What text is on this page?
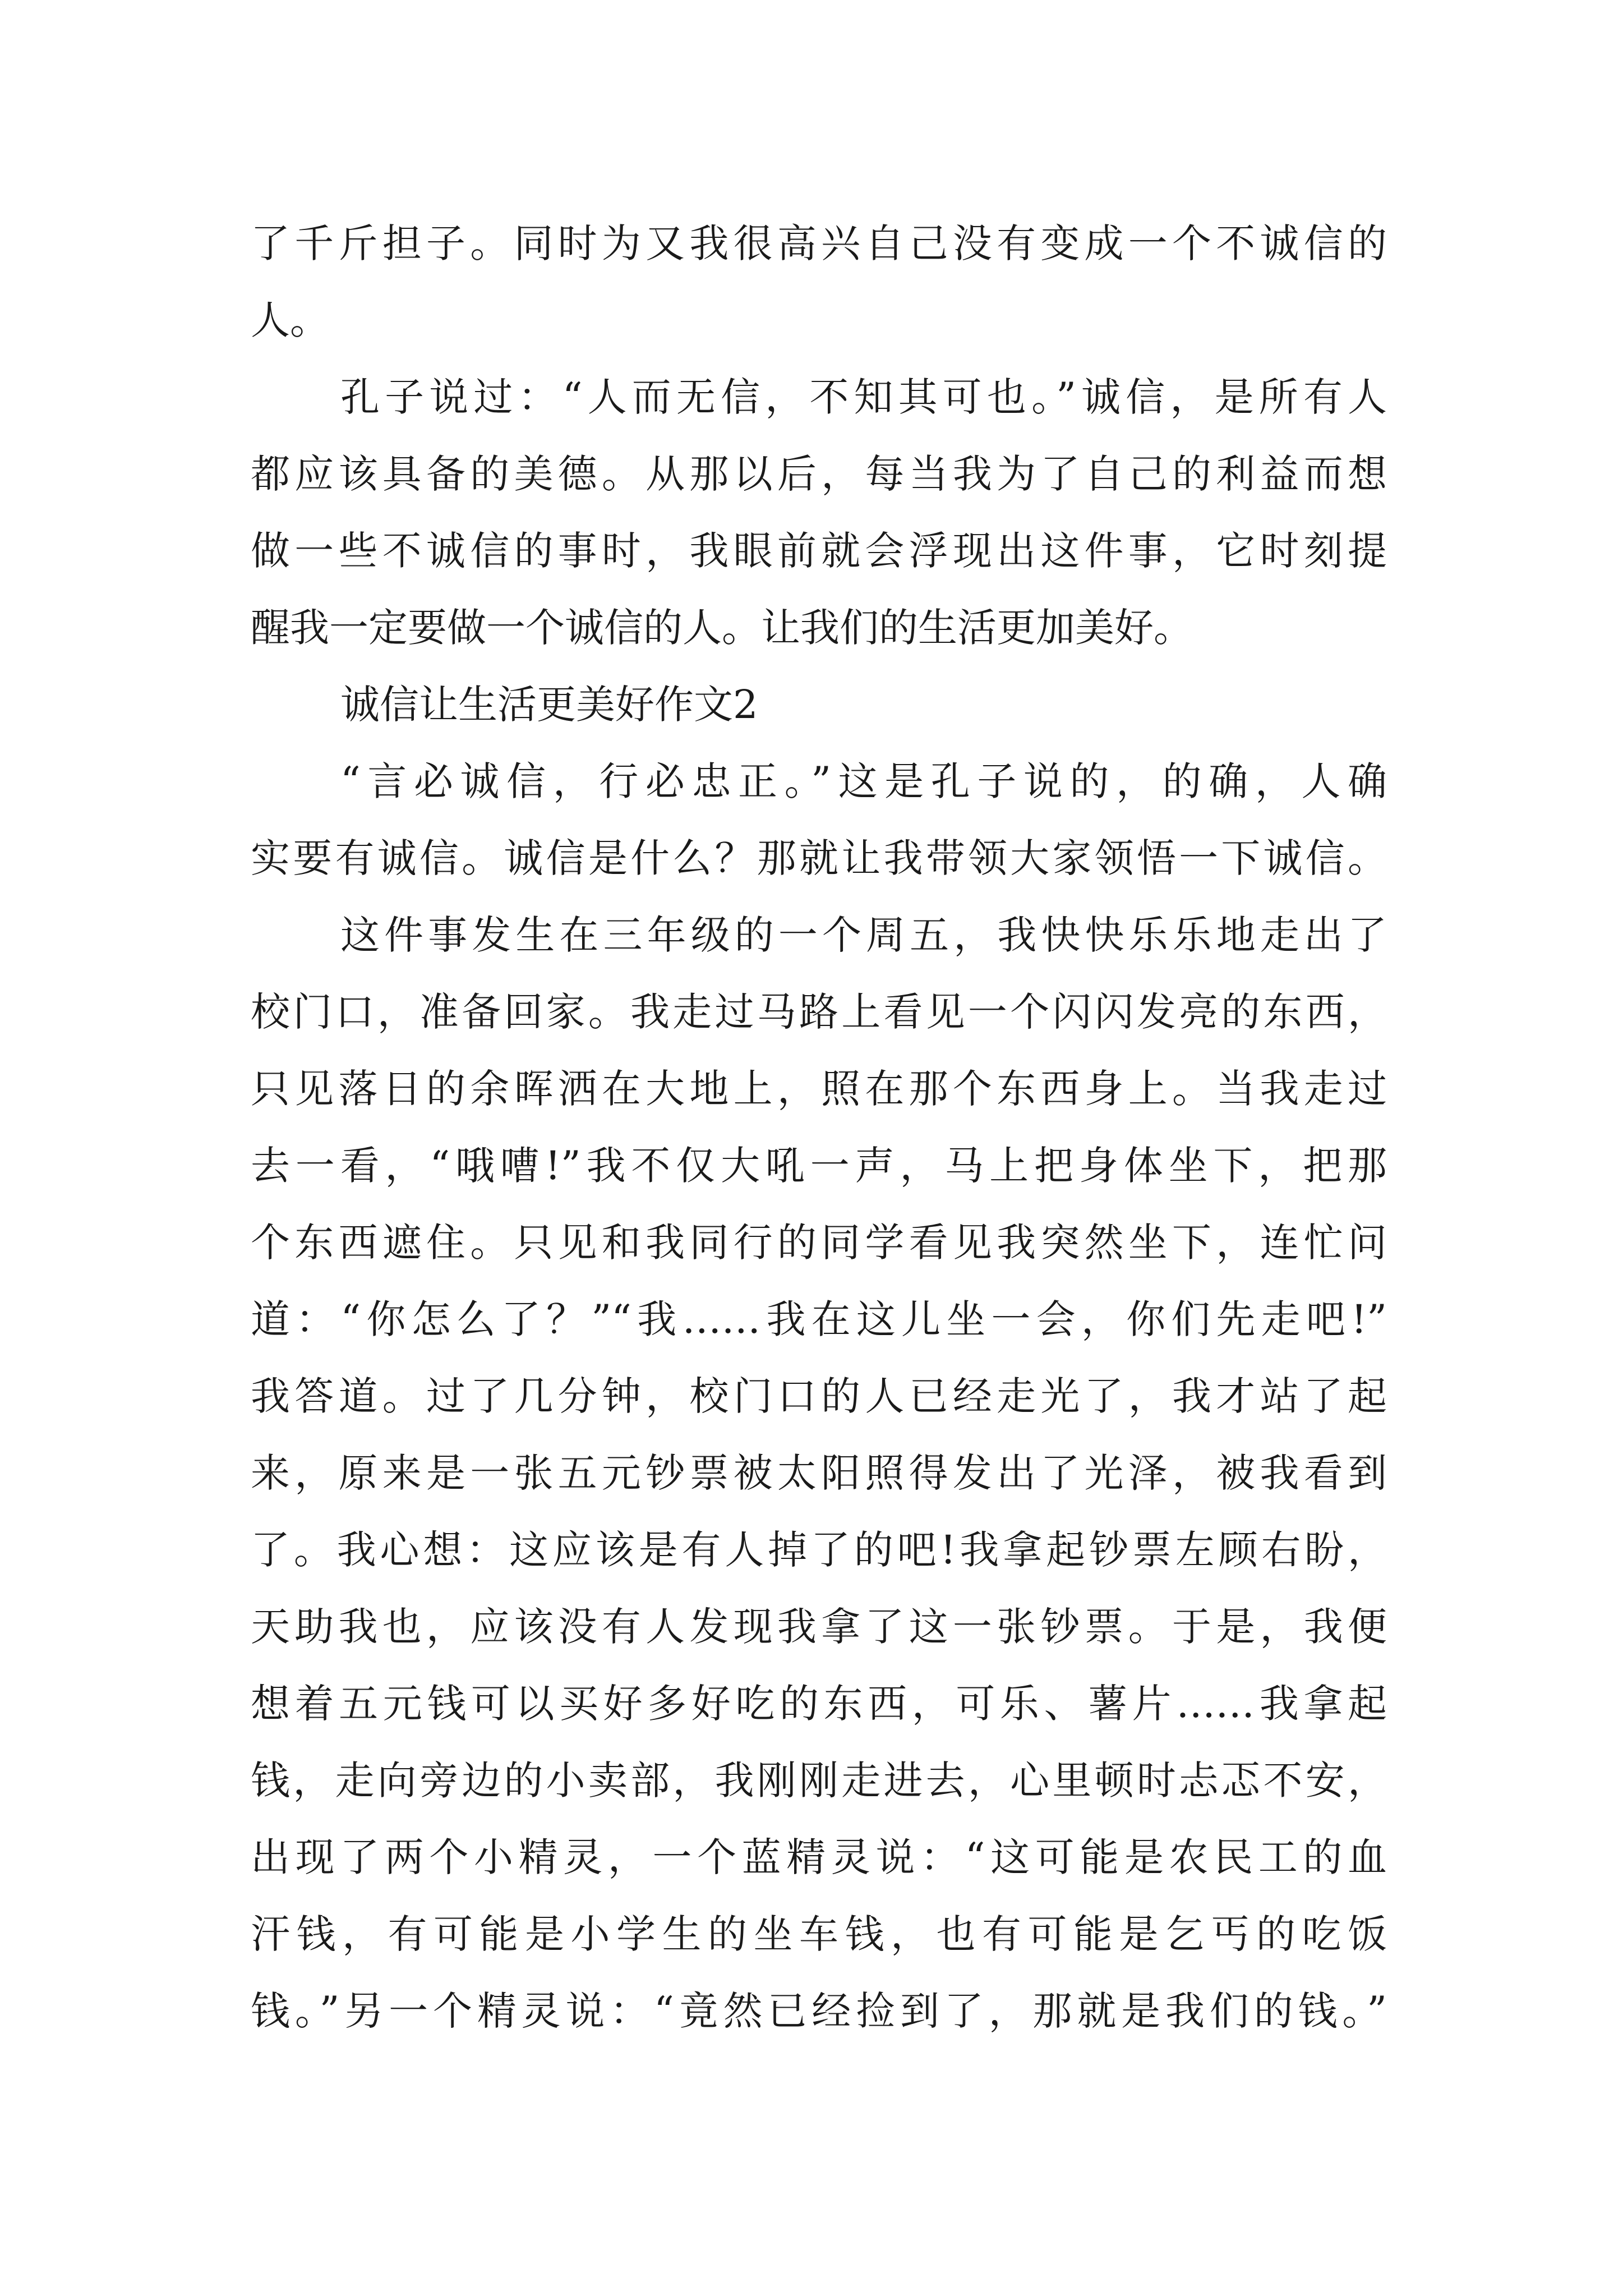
了千斤担子。同时为又我很高兴自己没有变成一个不诚信的
人。
孔子说过：“人而无信，不知其可也。”诚信，是所有人
都应该具备的美德。从那以后，每当我为了自己的利益而想
做一些不诚信的事时，我眼前就会浮现出这件事，它时刻提
醒我一定要做一个诚信的人。让我们的生活更加美好。
诚信让生活更美好作文2
“言必诚信，行必忠正。”这是孔子说的，的确，人确
实要有诚信。诚信是什么？那就让我带领大家领悟一下诚信。
这件事发生在三年级的一个周五，我快快乐乐地走出了
校门口，准备回家。我走过马路上看见一个闪闪发亮的东西，
只见落日的余晖洒在大地上，照在那个东西身上。当我走过
去一看，“哦嘈!”我不仅大吼一声，马上把身体坐下，把那
个东西遮住。只见和我同行的同学看见我突然坐下，连忙问
道：“你怎么了？”“我……我在这儿坐一会，你们先走吧!”
我答道。过了几分钟，校门口的人已经走光了，我才站了起
来，原来是一张五元钞票被太阳照得发出了光泽，被我看到
了。我心想：这应该是有人掉了的吧!我拿起钞票左顾右盼，
天助我也，应该没有人发现我拿了这一张钞票。于是，我便
想着五元钱可以买好多好吃的东西，可乐、薯片……我拿起
钱，走向旁边的小卖部，我刚刚走进去，心里顿时忐忑不安，
出现了两个小精灵，一个蓝精灵说：“这可能是农民工的血
汗钱，有可能是小学生的坐车钱，也有可能是乞丐的吃饭
钱。”另一个精灵说：“竟然已经捡到了，那就是我们的钱。”
